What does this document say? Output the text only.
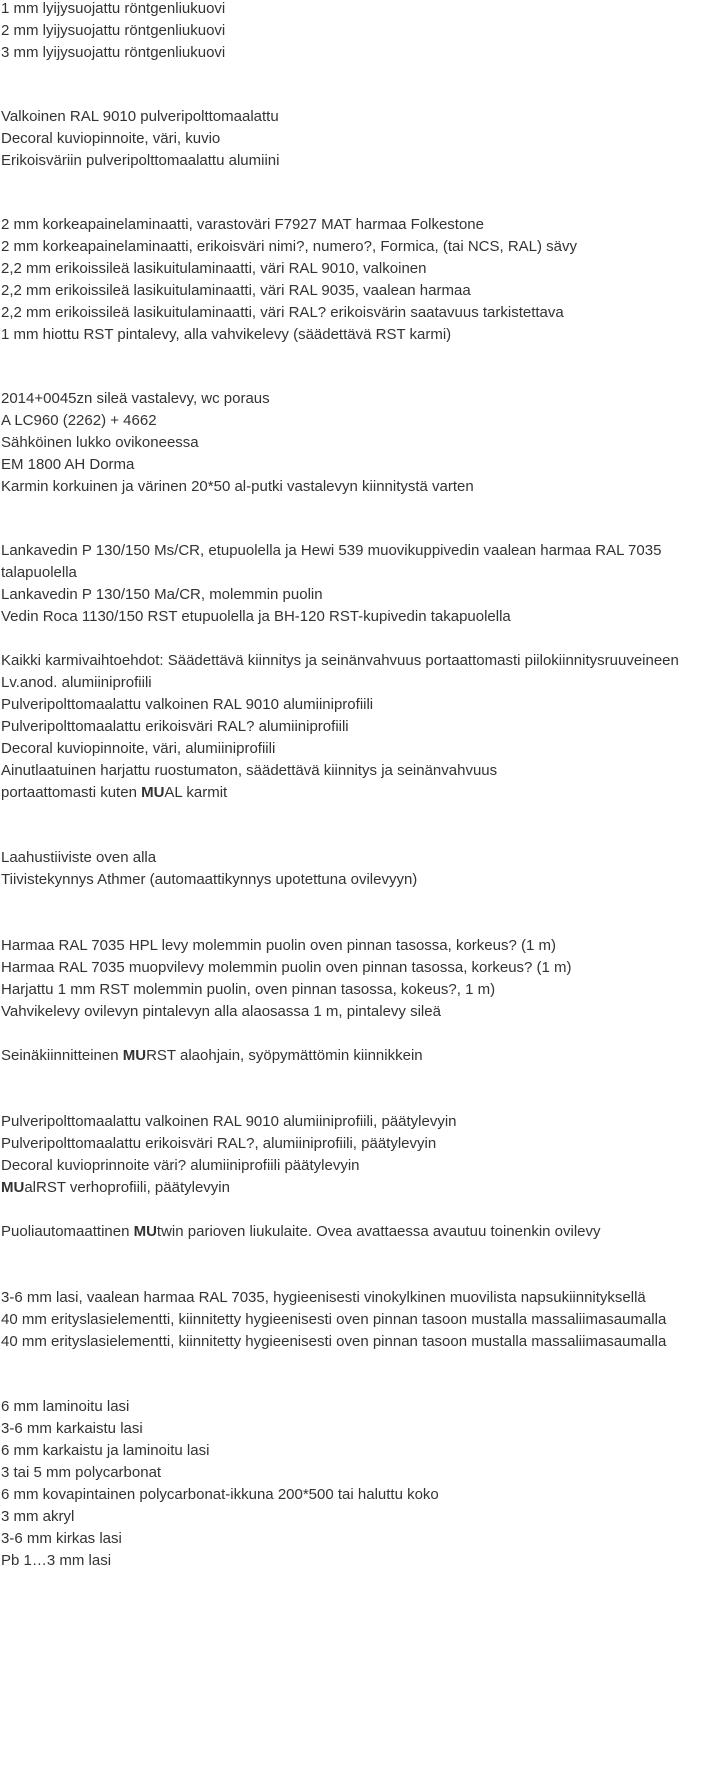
1 mm lyijysuojattu röntgenliukuovi
2 mm lyijysuojattu röntgenliukuovi
3 mm lyijysuojattu röntgenliukuovi
Valkoinen RAL 9010 pulveripolttomaalattu
Decoral kuviopinnoite, väri, kuvio
Erikoisväriin pulveripolttomaalattu alumiini
2 mm korkeapainelaminaatti, varastoväri F7927 MAT harmaa Folkestone
2 mm korkeapainelaminaatti, erikoisväri nimi?, numero?, Formica, (tai NCS, RAL) sävy
2,2 mm erikoissileä lasikuitulaminaatti, väri RAL 9010, valkoinen
2,2 mm erikoissileä lasikuitulaminaatti, väri RAL 9035, vaalean harmaa
2,2 mm erikoissileä lasikuitulaminaatti, väri RAL? erikoisvärin saatavuus tarkistettava
1 mm hiottu RST pintalevy, alla vahvikelevy (säädettävä RST karmi)
2014+0045zn sileä vastalevy, wc poraus
A LC960 (2262) + 4662
Sähköinen lukko ovikoneessa
EM 1800 AH Dorma
Karmin korkuinen ja värinen 20*50 al-putki vastalevyn kiinnitystä varten
Lankavedin P 130/150 Ms/CR, etupuolella ja Hewi 539 muovikuppivedin vaalean harmaa RAL 7035
talapuolella
Lankavedin P 130/150 Ma/CR, molemmin puolin
Vedin Roca 1130/150 RST etupuolella ja BH-120 RST-kupivedin takapuolella
Kaikki karmivaihtoehdot: Säädettävä kiinnitys ja seinänvahvuus portaattomasti piilokiinnitysruuveineen
Lv.anod. alumiiniprofiili
Pulveripolttomaalattu valkoinen RAL 9010 alumiiniprofiili
Pulveripolttomaalattu erikoisväri RAL? alumiiniprofiili
Decoral kuviopinnoite, väri, alumiiniprofiili
Ainutlaatuinen harjattu ruostumaton, säädettävä kiinnitys ja seinänvahvuus
portaattomasti kuten MUAL karmit
Laahustiiviste oven alla
Tiivistekynnys Athmer (automaattikynnys upotettuna ovilevyyn)
Harmaa RAL 7035 HPL levy molemmin puolin oven pinnan tasossa, korkeus? (1 m)
Harmaa RAL 7035 muopvilevy molemmin puolin oven pinnan tasossa, korkeus? (1 m)
Harjattu 1 mm RST molemmin puolin, oven pinnan tasossa, kokeus?, 1 m)
Vahvikelevy ovilevyn pintalevyn alla alaosassa 1 m, pintalevy sileä
Seinäkiinnitteinen MURST alaohjain, syöpymättömin kiinnikkein
Pulveripolttomaalattu valkoinen RAL 9010 alumiiniprofiili, päätylevyin
Pulveripolttomaalattu erikoisväri RAL?, alumiiniprofiili, päätylevyin
Decoral kuvioprinnoite väri? alumiiniprofiili päätylevyin
MUalRST verhoprofiili, päätylevyin
Puoliautomaattinen MUtwin parioven liukulaite. Ovea avattaessa avautuu toinenkin ovilevy
3-6 mm lasi, vaalean harmaa RAL 7035, hygieenisesti vinokylkinen muovilista napsukiinnityksellä
40 mm erityslasielementti, kiinnitetty hygieenisesti oven pinnan tasoon mustalla massaliimasaumalla
40 mm erityslasielementti, kiinnitetty hygieenisesti oven pinnan tasoon mustalla massaliimasaumalla
6 mm laminoitu lasi
3-6 mm karkaistu lasi
6 mm karkaistu ja laminoitu lasi
3 tai 5 mm polycarbonat
6 mm kovapintainen polycarbonat-ikkuna 200*500 tai haluttu koko
3 mm akryl
3-6 mm kirkas lasi
Pb 1…3 mm lasi
